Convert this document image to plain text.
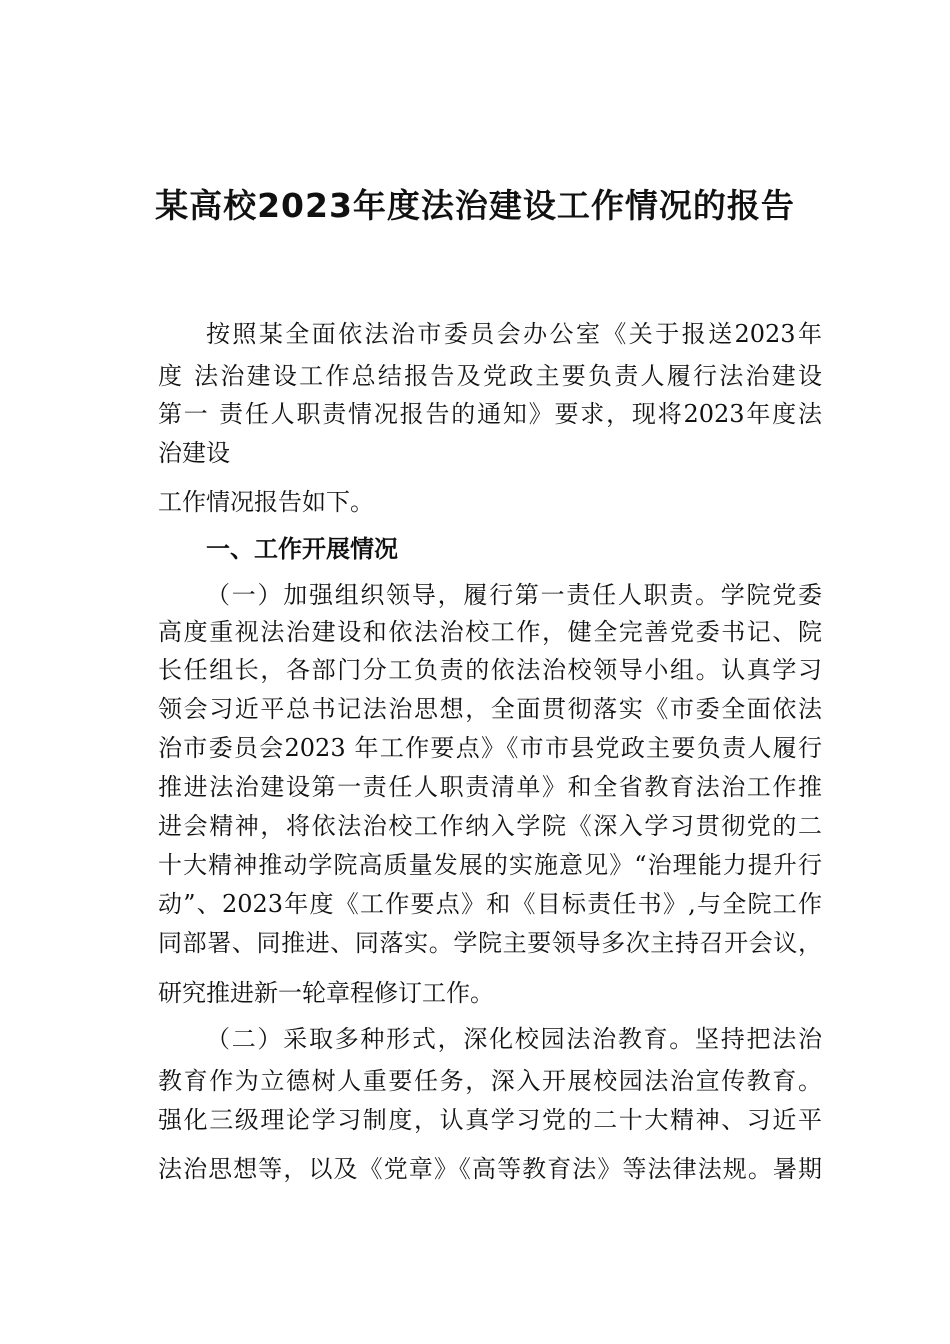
某高校2023年度法治建设工作情况的报告
按照某全面依法治市委员会办公室《关于报送2023年
度 法治建设工作总结报告及党政主要负责人履行法治建设
第一 责任人职责情况报告的通知》要求，现将2023年度法
治建设
工作情况报告如下。
一、工作开展情况
（一）加强组织领导，履行第一责任人职责。学院党委
高度重视法治建设和依法治校工作，健全完善党委书记、院
长任组长，各部门分工负责的依法治校领导小组。认真学习
领会习近平总书记法治思想，全面贯彻落实《市委全面依法
治市委员会2023 年工作要点》《市市县党政主要负责人履行
推进法治建设第一责任人职责清单》和全省教育法治工作推
进会精神，将依法治校工作纳入学院《深入学习贯彻党的二
十大精神推动学院高质量发展的实施意见》“治理能力提升行
动”、2023年度《工作要点》和《目标责任书》,与全院工作
同部署、同推进、同落实。学院主要领导多次主持召开会议，
研究推进新一轮章程修订工作。
（二）采取多种形式，深化校园法治教育。坚持把法治
教育作为立德树人重要任务，深入开展校园法治宣传教育。
强化三级理论学习制度，认真学习党的二十大精神、习近平
法治思想等，以及《党章》《高等教育法》等法律法规。暑期
